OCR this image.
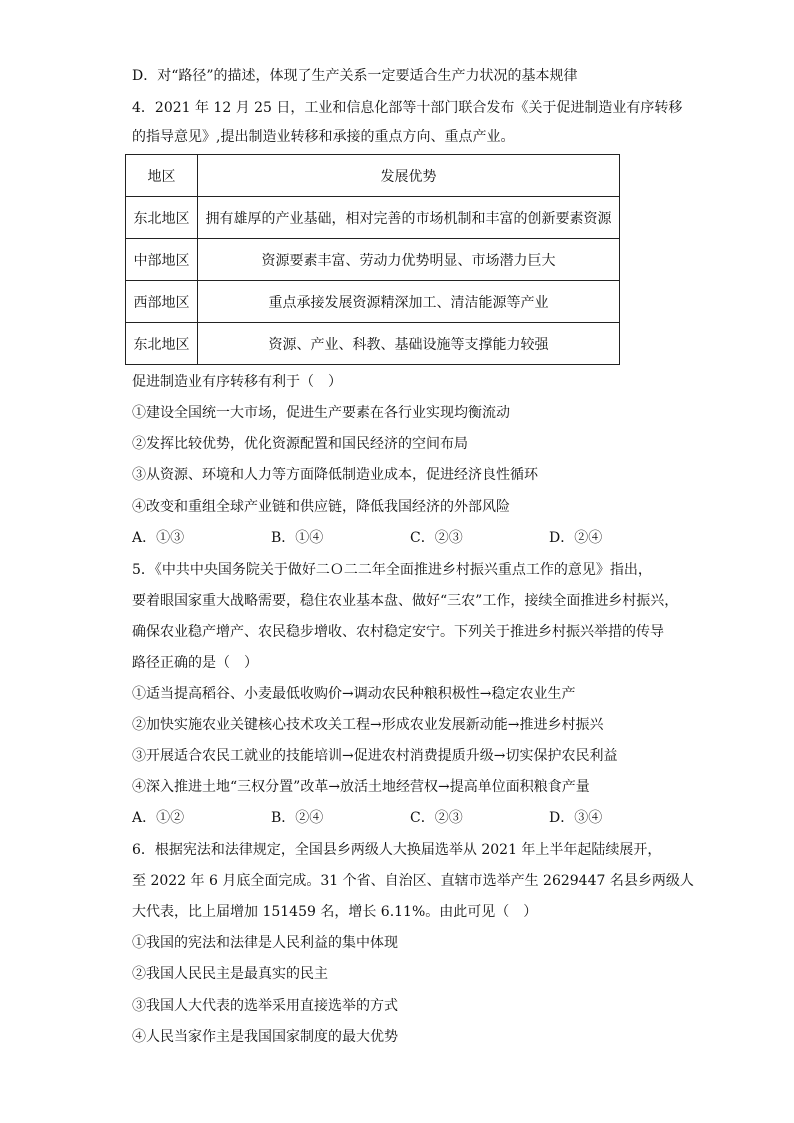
D．对“路径”的描述，体现了生产关系一定要适合生产力状况的基本规律
4．2021 年 12 月 25 日，工业和信息化部等十部门联合发布《关于促进制造业有序转移
的指导意见》,提出制造业转移和承接的重点方向、重点产业。
地区	发展优势
东北地区	拥有雄厚的产业基础，相对完善的市场机制和丰富的创新要素资源
中部地区	资源要素丰富、劳动力优势明显、市场潜力巨大
西部地区	重点承接发展资源精深加工、清洁能源等产业
东北地区	资源、产业、科教、基础设施等支撑能力较强
促进制造业有序转移有利于（　）
①建设全国统一大市场，促进生产要素在各行业实现均衡流动
②发挥比较优势，优化资源配置和国民经济的空间布局
③从资源、环境和人力等方面降低制造业成本，促进经济良性循环
④改变和重组全球产业链和供应链，降低我国经济的外部风险
A．①③	B．①④	C．②③	D．②④
5．《中共中央国务院关于做好二Ｏ二二年全面推进乡村振兴重点工作的意见》指出，
要着眼国家重大战略需要，稳住农业基本盘、做好“三农”工作，接续全面推进乡村振兴，
确保农业稳产增产、农民稳步增收、农村稳定安宁。下列关于推进乡村振兴举措的传导
路径正确的是（　）
①适当提高稻谷、小麦最低收购价→调动农民种粮积极性→稳定农业生产
②加快实施农业关键核心技术攻关工程→形成农业发展新动能→推进乡村振兴
③开展适合农民工就业的技能培训→促进农村消费提质升级→切实保护农民利益
④深入推进土地“三权分置”改革→放活土地经营权→提高单位面积粮食产量
A．①②	B．②④	C．②③	D．③④
6．根据宪法和法律规定，全国县乡两级人大换届选举从 2021 年上半年起陆续展开，
至 2022 年 6 月底全面完成。31 个省、自治区、直辖市选举产生 2629447 名县乡两级人
大代表，比上届增加 151459 名，增长 6.11%。由此可见（　）
①我国的宪法和法律是人民利益的集中体现
②我国人民民主是最真实的民主
③我国人大代表的选举采用直接选举的方式
④人民当家作主是我国国家制度的最大优势
